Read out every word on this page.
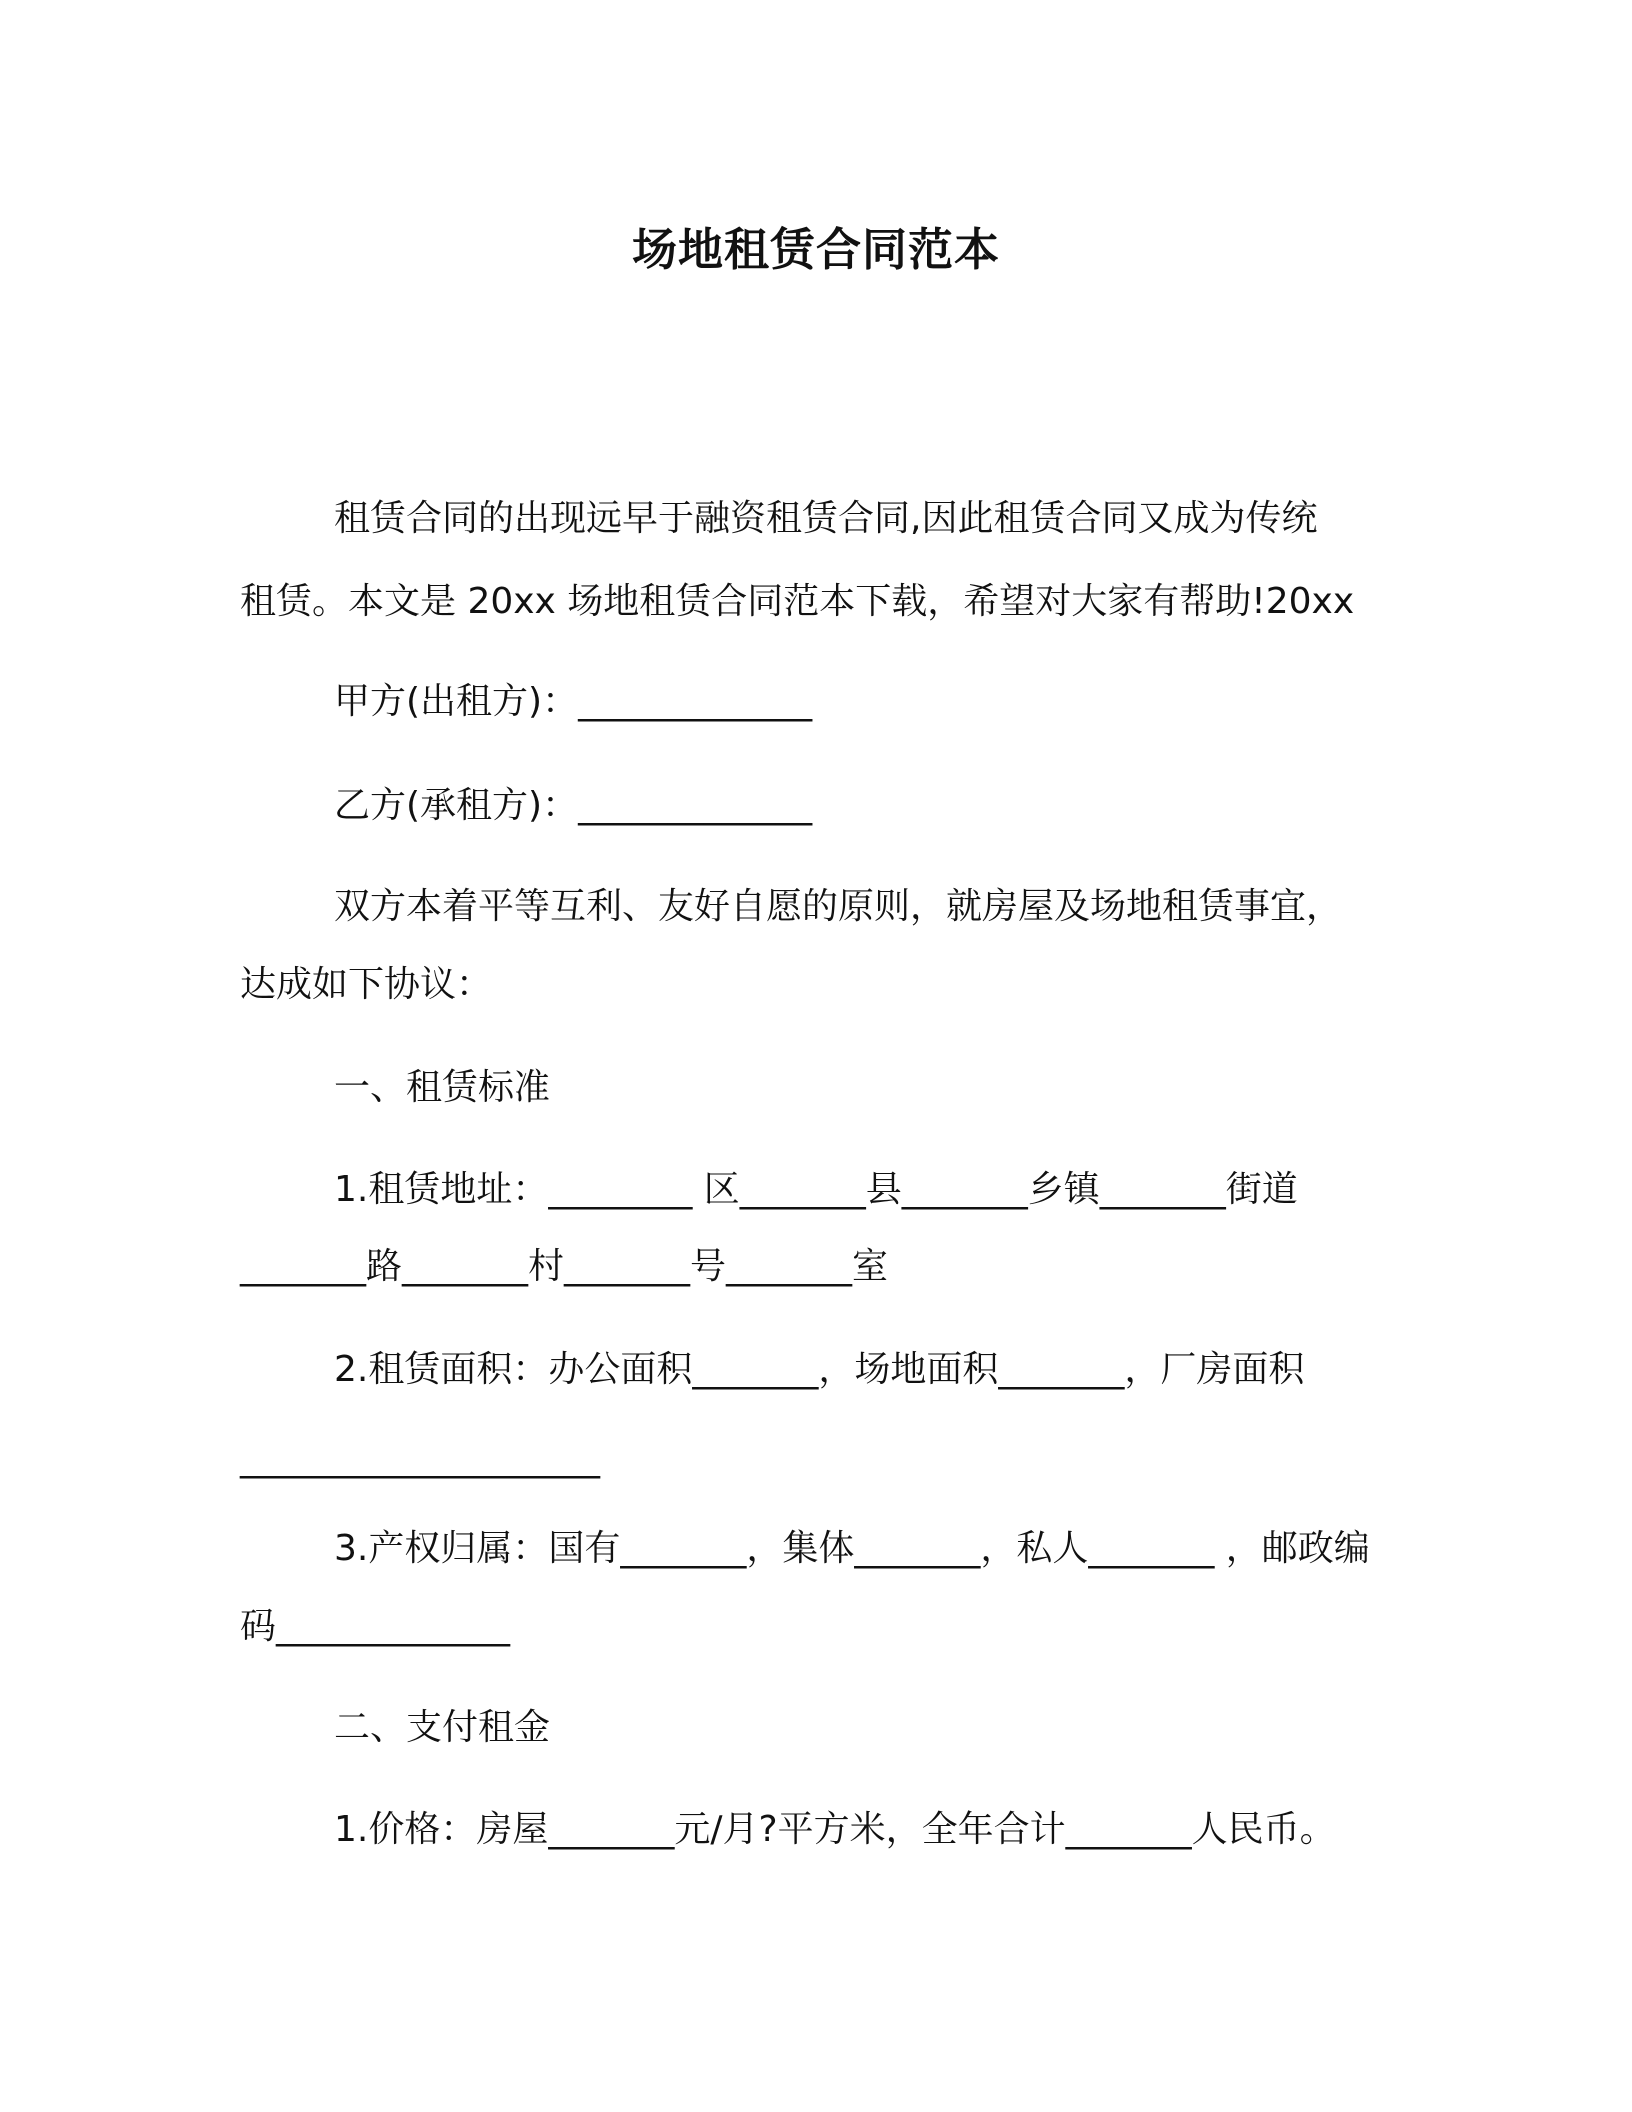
场地租赁合同范本
租赁合同的出现远早于融资租赁合同,因此租赁合同又成为传统
租赁。本文是 20xx 场地租赁合同范本下载，希望对大家有帮助!20xx
甲方(出租方)：_____________
乙方(承租方)：_____________
双方本着平等互利、友好自愿的原则，就房屋及场地租赁事宜，
达成如下协议：
一、租赁标准
1.租赁地址：________ 区_______县_______乡镇_______街道
_______路_______村_______号_______室
2.租赁面积：办公面积_______，场地面积_______，厂房面积
____________________
3.产权归属：国有_______，集体_______，私人_______ ，邮政编
码_____________
二、支付租金
1.价格：房屋_______元/月?平方米，全年合计_______人民币。
